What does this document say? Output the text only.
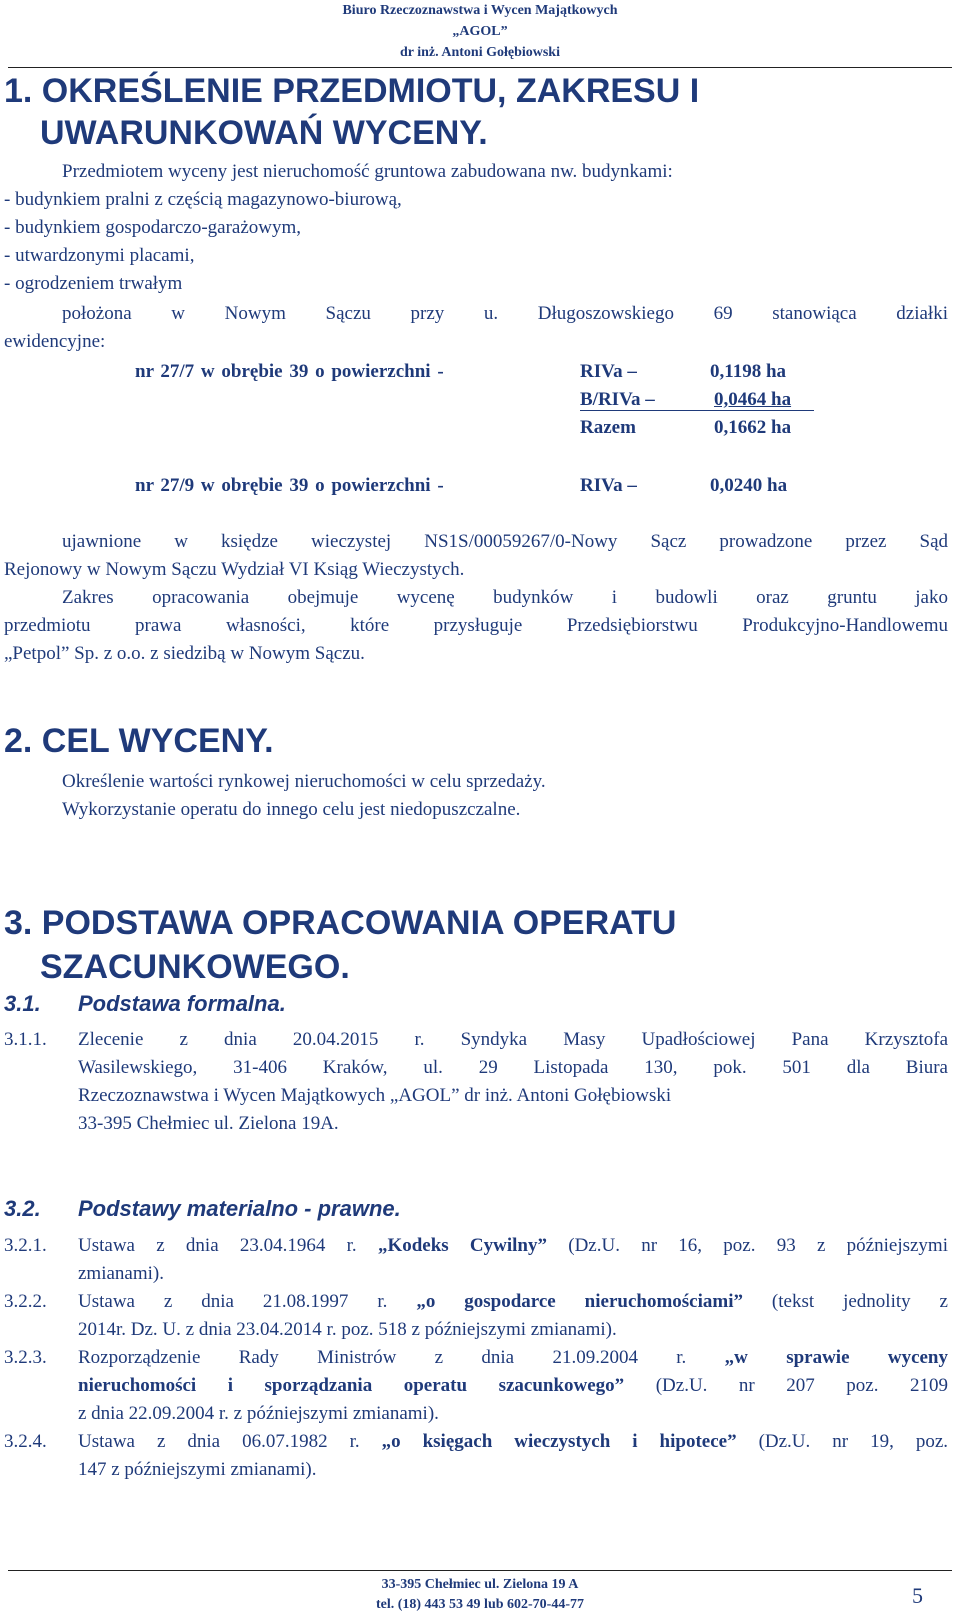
Biuro Rzeczoznawstwa i Wycen Majątkowych
„AGOL”
dr inż. Antoni Gołębiowski
1. OKREŚLENIE PRZEDMIOTU, ZAKRESU I
UWARUNKOWAŃ WYCENY.
Przedmiotem wyceny jest nieruchomość gruntowa zabudowana nw. budynkami:
- budynkiem pralni z częścią magazynowo-biurową,
- budynkiem gospodarczo-garażowym,
- utwardzonymi placami,
- ogrodzeniem trwałym
położona w Nowym Sączu przy u. Długoszowskiego 69 stanowiąca działki
ewidencyjne:
nr 27/7 w obrębie 39 o powierzchni -	RIVa –	0,1198 ha
B/RIVa –	0,0464 ha
Razem	0,1662 ha
nr 27/9 w obrębie 39 o powierzchni -	RIVa –	0,0240 ha
ujawnione w księdze wieczystej NS1S/00059267/0-Nowy Sącz prowadzone przez Sąd
Rejonowy w Nowym Sączu Wydział VI Ksiąg Wieczystych.
Zakres opracowania obejmuje wycenę budynków i budowli oraz gruntu jako
przedmiotu prawa własności, które przysługuje Przedsiębiorstwu Produkcyjno-Handlowemu
„Petpol” Sp. z o.o. z siedzibą w Nowym Sączu.
2. CEL WYCENY.
Określenie wartości rynkowej nieruchomości w celu sprzedaży.
Wykorzystanie operatu do innego celu jest niedopuszczalne.
3. PODSTAWA OPRACOWANIA OPERATU
SZACUNKOWEGO.
3.1. Podstawa formalna.
3.1.1. Zlecenie z dnia 20.04.2015 r. Syndyka Masy Upadłościowej Pana Krzysztofa
Wasilewskiego, 31-406 Kraków, ul. 29 Listopada 130, pok. 501 dla Biura
Rzeczoznawstwa i Wycen Majątkowych „AGOL” dr inż. Antoni Gołębiowski
33-395 Chełmiec ul. Zielona 19A.
3.2. Podstawy materialno - prawne.
3.2.1. Ustawa z dnia 23.04.1964 r. „Kodeks Cywilny” (Dz.U. nr 16, poz. 93 z późniejszymi
zmianami).
3.2.2. Ustawa z dnia 21.08.1997 r. „o gospodarce nieruchomościami” (tekst jednolity z
2014r. Dz. U. z dnia 23.04.2014 r. poz. 518 z późniejszymi zmianami).
3.2.3. Rozporządzenie Rady Ministrów z dnia 21.09.2004 r. „w sprawie wyceny
nieruchomości i sporządzania operatu szacunkowego” (Dz.U. nr 207 poz. 2109
z dnia 22.09.2004 r. z późniejszymi zmianami).
3.2.4. Ustawa z dnia 06.07.1982 r. „o księgach wieczystych i hipotece” (Dz.U. nr 19, poz.
147 z późniejszymi zmianami).
33-395 Chełmiec ul. Zielona 19 A
tel. (18) 443 53 49 lub 602-70-44-77	5
